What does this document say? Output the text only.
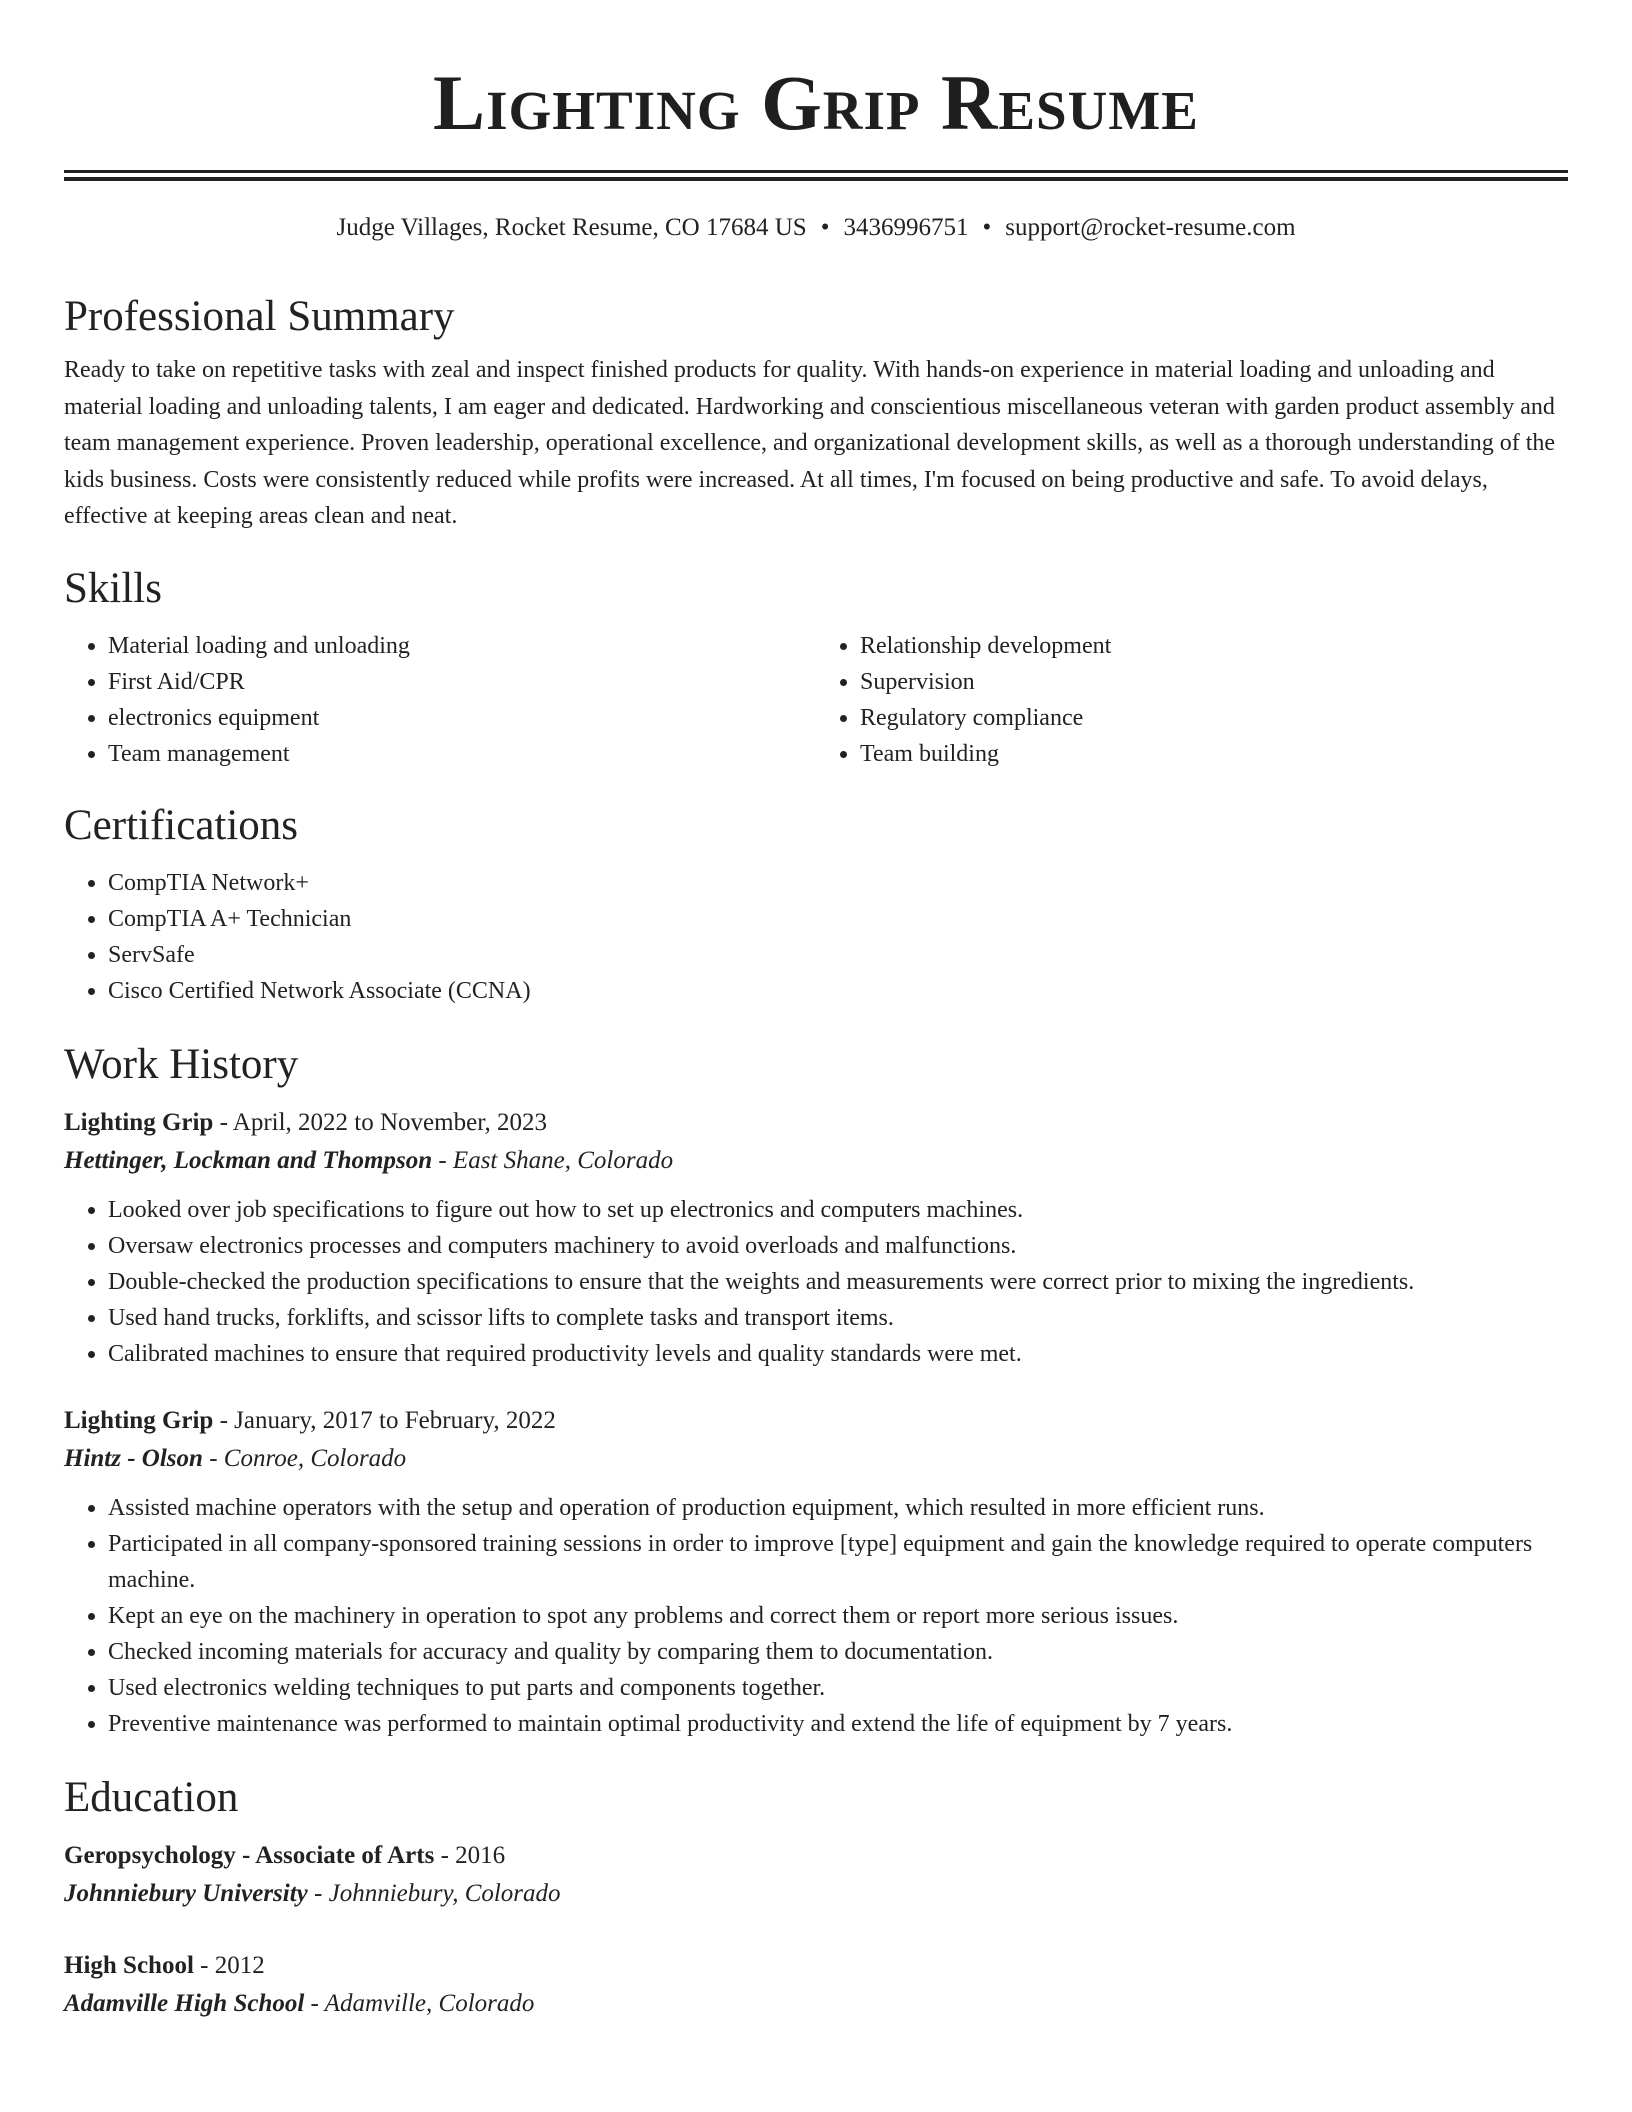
Lighting Grip Resume
Judge Villages, Rocket Resume, CO 17684 US • 3436996751 • support@rocket-resume.com
Professional Summary

Ready to take on repetitive tasks with zeal and inspect finished products for quality. With hands-on experience in material loading and unloading and material loading and unloading talents, I am eager and dedicated. Hardworking and conscientious miscellaneous veteran with garden product assembly and team management experience. Proven leadership, operational excellence, and organizational development skills, as well as a thorough understanding of the kids business. Costs were consistently reduced while profits were increased. At all times, I'm focused on being productive and safe. To avoid delays, effective at keeping areas clean and neat.

Skills
• Material loading and unloading
• First Aid/CPR
• electronics equipment
• Team management
• Relationship development
• Supervision
• Regulatory compliance
• Team building
Certifications
• CompTIA Network+
• CompTIA A+ Technician
• ServSafe
• Cisco Certified Network Associate (CCNA)
Work History

Lighting Grip - April, 2022 to November, 2023

Hettinger, Lockman and Thompson - East Shane, Colorado

• Looked over job specifications to figure out how to set up electronics and computers machines.
• Oversaw electronics processes and computers machinery to avoid overloads and malfunctions.
• Double-checked the production specifications to ensure that the weights and measurements were correct prior to mixing the ingredients.
• Used hand trucks, forklifts, and scissor lifts to complete tasks and transport items.
• Calibrated machines to ensure that required productivity levels and quality standards were met.

Lighting Grip - January, 2017 to February, 2022

Hintz - Olson - Conroe, Colorado

• Assisted machine operators with the setup and operation of production equipment, which resulted in more efficient runs.
• Participated in all company-sponsored training sessions in order to improve [type] equipment and gain the knowledge required to operate computers machine.
• Kept an eye on the machinery in operation to spot any problems and correct them or report more serious issues.
• Checked incoming materials for accuracy and quality by comparing them to documentation.
• Used electronics welding techniques to put parts and components together.
• Preventive maintenance was performed to maintain optimal productivity and extend the life of equipment by 7 years.
Education

Geropsychology - Associate of Arts - 2016

Johnniebury University - Johnniebury, Colorado

High School - 2012

Adamville High School - Adamville, Colorado
